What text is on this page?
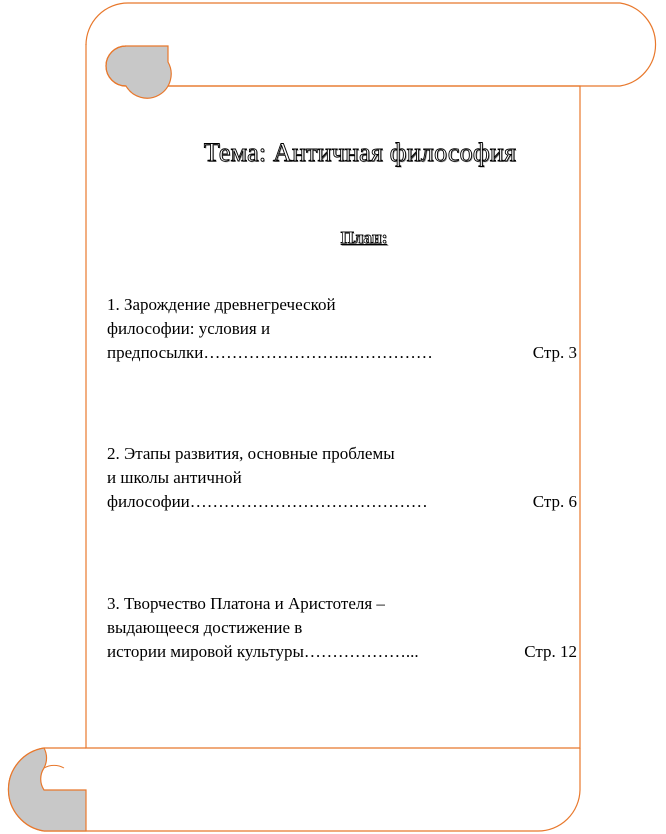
Тема: Античная философия
План:
1. Зарождение древнегреческой
философии: условия и
предпосылки ……………………..……………	Стр. 3
2. Этапы развития, основные проблемы
и школы античной
философии ……………………………………	Стр. 6
3. Творчество Платона и Аристотеля –
выдающееся достижение в
истории мировой культуры ………………...	Стр. 12
